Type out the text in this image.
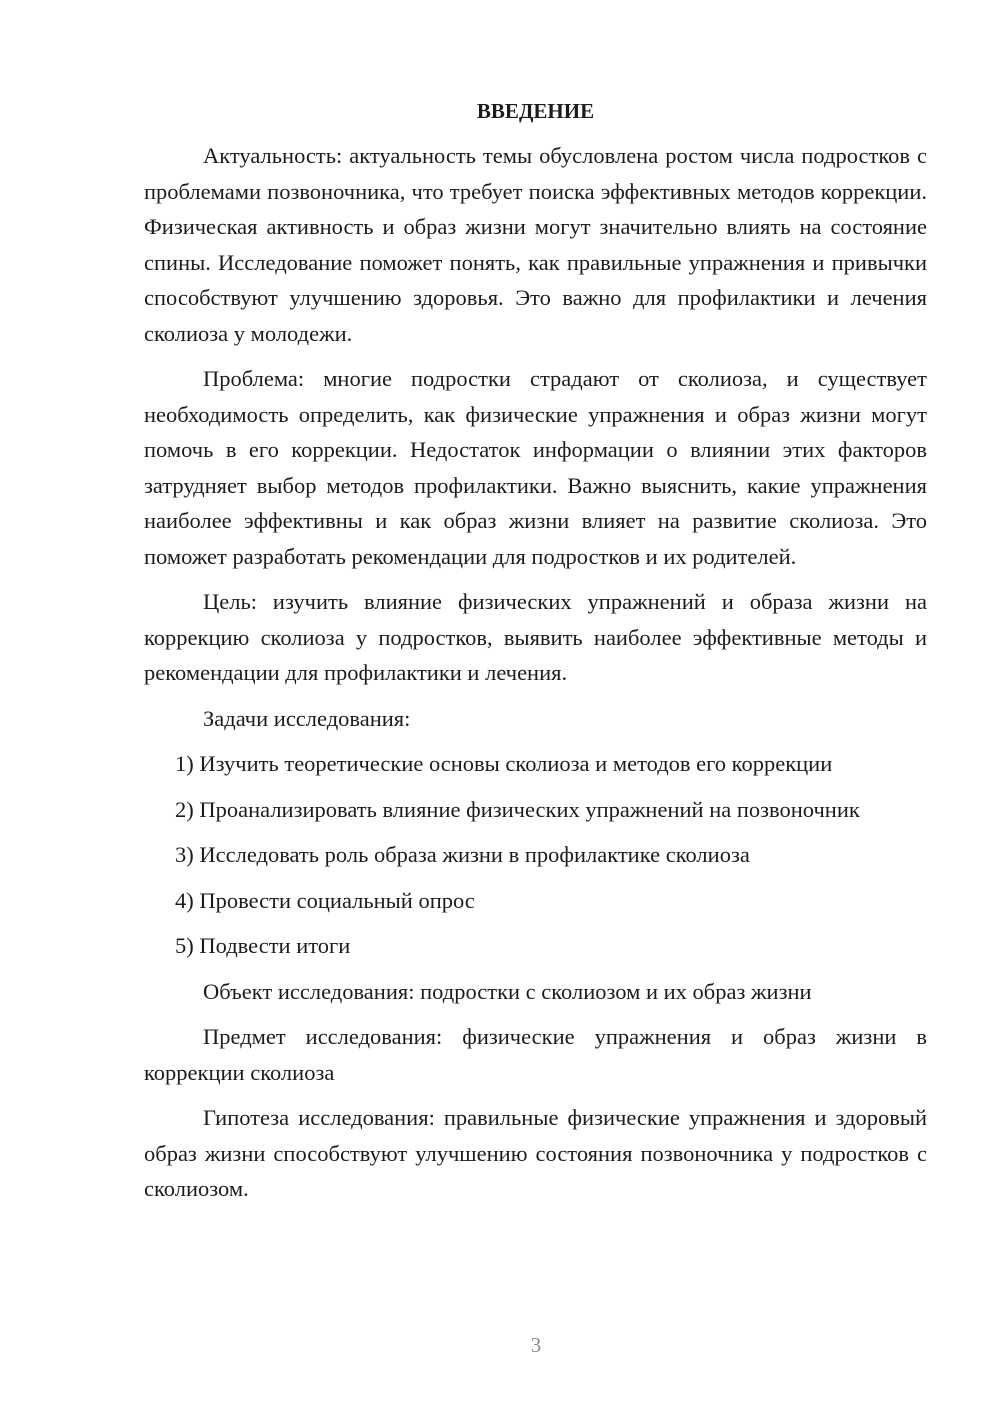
ВВЕДЕНИЕ

Актуальность: актуальность темы обусловлена ростом числа подростков с проблемами позвоночника, что требует поиска эффективных методов коррекции. Физическая активность и образ жизни могут значительно влиять на состояние спины. Исследование поможет понять, как правильные упражнения и привычки способствуют улучшению здоровья. Это важно для профилактики и лечения сколиоза у молодежи.

Проблема: многие подростки страдают от сколиоза, и существует необходимость определить, как физические упражнения и образ жизни могут помочь в его коррекции. Недостаток информации о влиянии этих факторов затрудняет выбор методов профилактики. Важно выяснить, какие упражнения наиболее эффективны и как образ жизни влияет на развитие сколиоза. Это поможет разработать рекомендации для подростков и их родителей.

Цель: изучить влияние физических упражнений и образа жизни на коррекцию сколиоза у подростков, выявить наиболее эффективные методы и рекомендации для профилактики и лечения.

Задачи исследования:

1) Изучить теоретические основы сколиоза и методов его коррекции

2) Проанализировать влияние физических упражнений на позвоночник

3) Исследовать роль образа жизни в профилактике сколиоза

4) Провести социальный опрос

5) Подвести итоги

Объект исследования: подростки с сколиозом и их образ жизни

Предмет исследования: физические упражнения и образ жизни в коррекции сколиоза

Гипотеза исследования: правильные физические упражнения и здоровый образ жизни способствуют улучшению состояния позвоночника у подростков с сколиозом.

3
